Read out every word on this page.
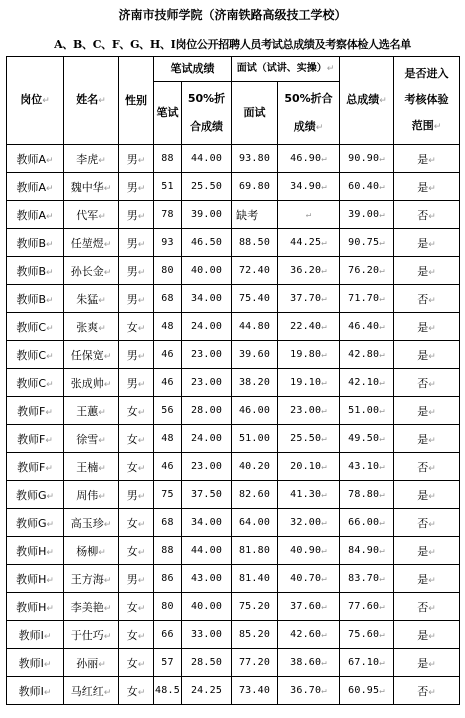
济南市技师学院（济南铁路高级技工学校）
A、B、C、F、G、H、I岗位公开招聘人员考试总成绩及考察体检人选名单
岗位↵	姓名↵	性别	笔试成绩		面试（试讲、实操）↵		总成绩↵	是否进入考核体验范围↵
			笔试	50%折合成绩	面试	50%折合成绩↵		
教师A↵	李虎↵	男↵	88	44.00	93.80	46.90↵	90.90↵	是↵
教师A↵	魏中华↵	男↵	51	25.50	69.80	34.90↵	60.40↵	是↵
教师A↵	代军↵	男↵	78	39.00	缺考	↵	39.00↵	否↵
教师B↵	任堃煜↵	男↵	93	46.50	88.50	44.25↵	90.75↵	是↵
教师B↵	孙长金↵	男↵	80	40.00	72.40	36.20↵	76.20↵	是↵
教师B↵	朱猛↵	男↵	68	34.00	75.40	37.70↵	71.70↵	否↵
教师C↵	张爽↵	女↵	48	24.00	44.80	22.40↵	46.40↵	是↵
教师C↵	任保宽↵	男↵	46	23.00	39.60	19.80↵	42.80↵	是↵
教师C↵	张成帅↵	男↵	46	23.00	38.20	19.10↵	42.10↵	否↵
教师F↵	王蕙↵	女↵	56	28.00	46.00	23.00↵	51.00↵	是↵
教师F↵	徐雪↵	女↵	48	24.00	51.00	25.50↵	49.50↵	是↵
教师F↵	王楠↵	女↵	46	23.00	40.20	20.10↵	43.10↵	否↵
教师G↵	周伟↵	男↵	75	37.50	82.60	41.30↵	78.80↵	是↵
教师G↵	高玉珍↵	女↵	68	34.00	64.00	32.00↵	66.00↵	否↵
教师H↵	杨柳↵	女↵	88	44.00	81.80	40.90↵	84.90↵	是↵
教师H↵	王方海↵	男↵	86	43.00	81.40	40.70↵	83.70↵	是↵
教师H↵	李美艳↵	女↵	80	40.00	75.20	37.60↵	77.60↵	否↵
教师I↵	于仕巧↵	女↵	66	33.00	85.20	42.60↵	75.60↵	是↵
教师I↵	孙丽↵	女↵	57	28.50	77.20	38.60↵	67.10↵	是↵
教师I↵	马红红↵	女↵	48.5	24.25	73.40	36.70↵	60.95↵	否↵
